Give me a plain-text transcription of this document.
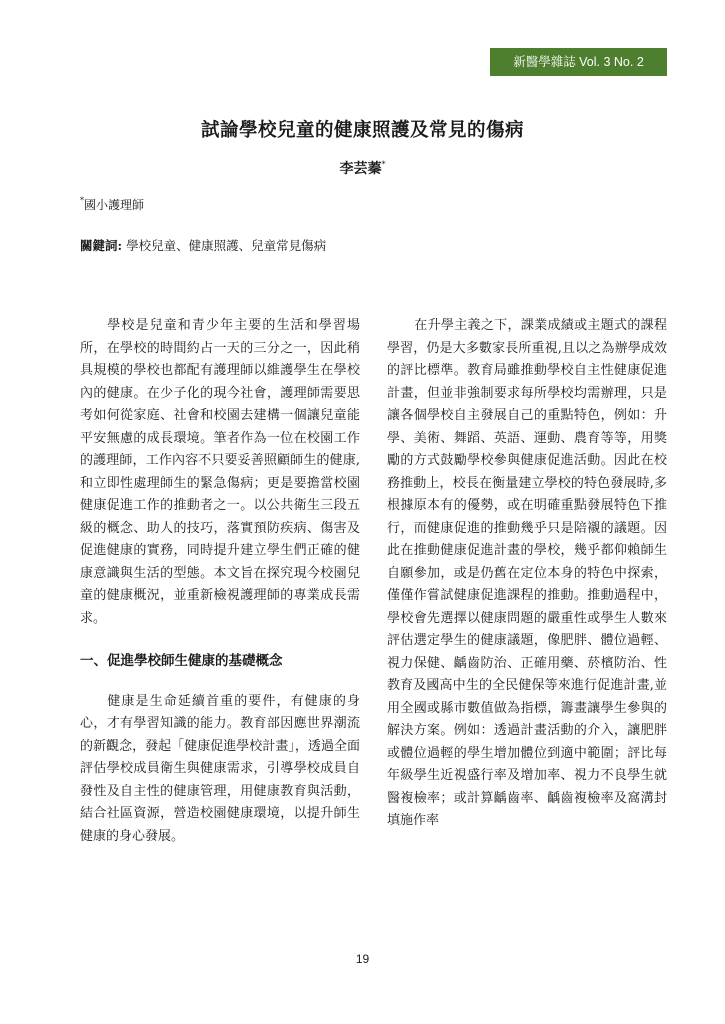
新醫學雜誌 Vol. 3 No. 2
試論學校兒童的健康照護及常見的傷病
李芸蓁*
*國小護理師
關鍵詞: 學校兒童、健康照護、兒童常見傷病

學校是兒童和青少年主要的生活和學習場所，在學校的時間約占一天的三分之一，因此稍具規模的學校也都配有護理師以維護學生在學校內的健康。在少子化的現今社會，護理師需要思考如何從家庭、社會和校園去建構一個讓兒童能平安無慮的成長環境。筆者作為一位在校園工作的護理師，工作內容不只要妥善照顧師生的健康,和立即性處理師生的緊急傷病；更是要擔當校園健康促進工作的推動者之一。以公共衛生三段五級的概念、助人的技巧，落實預防疾病、傷害及促進健康的實務，同時提升建立學生們正確的健康意識與生活的型態。本文旨在探究現今校園兒童的健康概況，並重新檢視護理師的專業成長需求。

一、促進學校師生健康的基礎概念

健康是生命延續首重的要件，有健康的身心，才有學習知識的能力。教育部因應世界潮流的新觀念，發起「健康促進學校計畫」，透過全面評估學校成員衛生與健康需求，引導學校成員自發性及自主性的健康管理，用健康教育與活動，結合社區資源，營造校園健康環境，以提升師生健康的身心發展。

在升學主義之下，課業成績或主題式的課程學習，仍是大多數家長所重視,且以之為辦學成效的評比標準。教育局雖推動學校自主性健康促進計畫，但並非強制要求每所學校均需辦理，只是讓各個學校自主發展自己的重點特色，例如：升學、美術、舞蹈、英語、運動、農育等等，用獎勵的方式鼓勵學校參與健康促進活動。因此在校務推動上，校長在衡量建立學校的特色發展時,多根據原本有的優勢，或在明確重點發展特色下推行，而健康促進的推動幾乎只是陪襯的議題。因此在推動健康促進計畫的學校，幾乎都仰賴師生自願參加，或是仍舊在定位本身的特色中探索，僅僅作嘗試健康促進課程的推動。推動過程中，學校會先選擇以健康問題的嚴重性或學生人數來評估選定學生的健康議題，像肥胖、體位過輕、視力保健、齲齒防治、正確用藥、菸檳防治、性教育及國高中生的全民健保等來進行促進計畫,並用全國或縣市數值做為指標，籌畫讓學生參與的解決方案。例如：透過計畫活動的介入，讓肥胖或體位過輕的學生增加體位到適中範圍；評比每年級學生近視盛行率及增加率、視力不良學生就醫複檢率；或計算齲齒率、齲齒複檢率及窩溝封填施作率

19
